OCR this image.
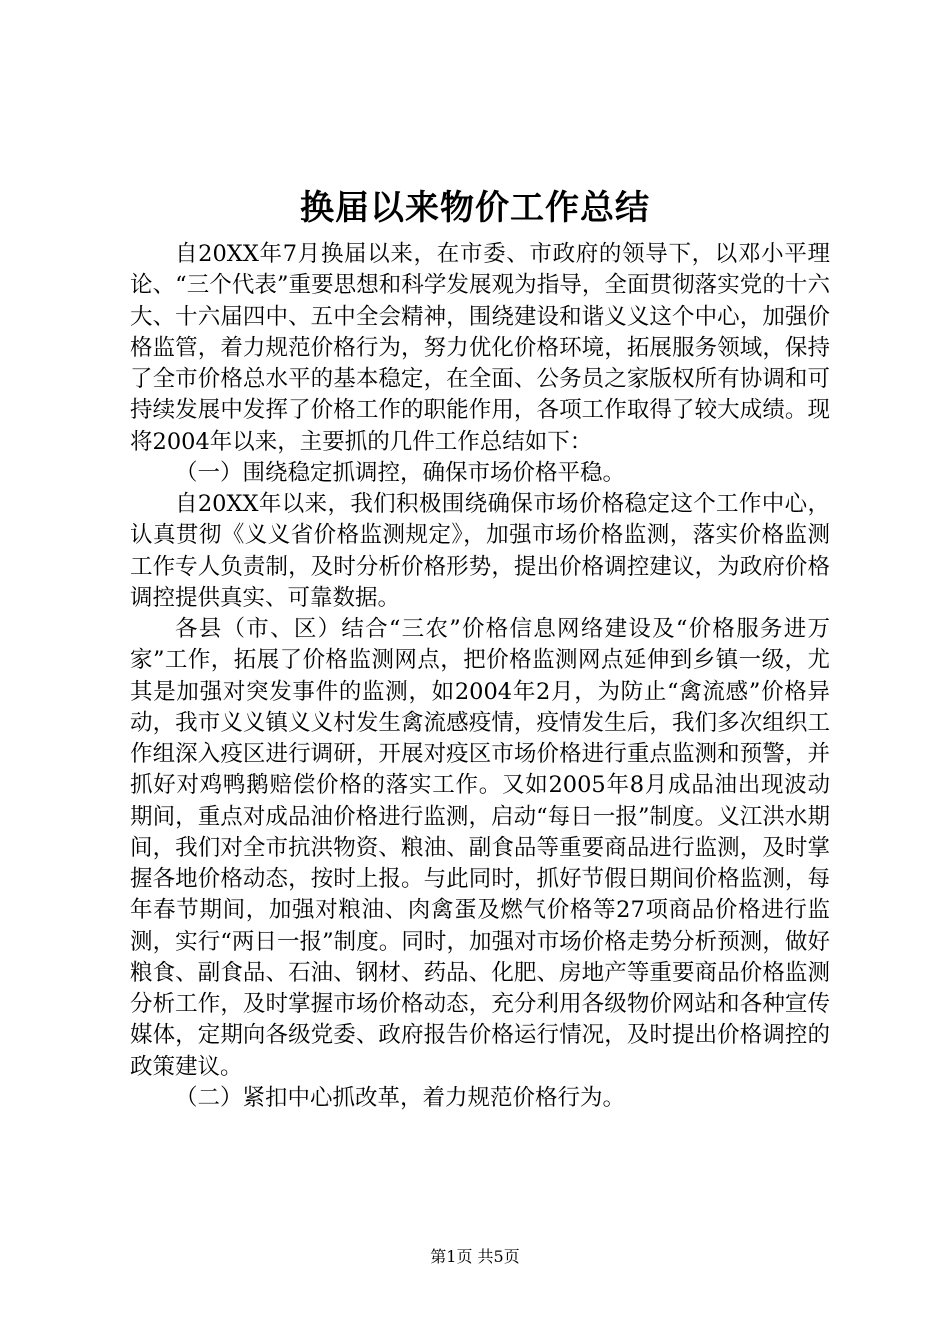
换届以来物价工作总结

自20XX年7月换届以来，在市委、市政府的领导下，以邓小平理论、“三个代表”重要思想和科学发展观为指导，全面贯彻落实党的十六大、十六届四中、五中全会精神，围绕建设和谐义义这个中心，加强价格监管，着力规范价格行为，努力优化价格环境，拓展服务领域，保持了全市价格总水平的基本稳定，在全面、公务员之家版权所有协调和可持续发展中发挥了价格工作的职能作用，各项工作取得了较大成绩。现将2004年以来，主要抓的几件工作总结如下：

（一）围绕稳定抓调控，确保市场价格平稳。

自20XX年以来，我们积极围绕确保市场价格稳定这个工作中心，认真贯彻《义义省价格监测规定》，加强市场价格监测，落实价格监测工作专人负责制，及时分析价格形势，提出价格调控建议，为政府价格调控提供真实、可靠数据。

各县（市、区）结合“三农”价格信息网络建设及“价格服务进万家”工作，拓展了价格监测网点，把价格监测网点延伸到乡镇一级，尤其是加强对突发事件的监测，如2004年2月，为防止“禽流感”价格异动，我市义义镇义义村发生禽流感疫情，疫情发生后，我们多次组织工作组深入疫区进行调研，开展对疫区市场价格进行重点监测和预警，并抓好对鸡鸭鹅赔偿价格的落实工作。又如2005年8月成品油出现波动期间，重点对成品油价格进行监测，启动“每日一报”制度。义江洪水期间，我们对全市抗洪物资、粮油、副食品等重要商品进行监测，及时掌握各地价格动态，按时上报。与此同时，抓好节假日期间价格监测，每年春节期间，加强对粮油、肉禽蛋及燃气价格等27项商品价格进行监测，实行“两日一报”制度。同时，加强对市场价格走势分析预测，做好粮食、副食品、石油、钢材、药品、化肥、房地产等重要商品价格监测分析工作，及时掌握市场价格动态，充分利用各级物价网站和各种宣传媒体，定期向各级党委、政府报告价格运行情况，及时提出价格调控的政策建议。

（二）紧扣中心抓改革，着力规范价格行为。

第1页 共5页
